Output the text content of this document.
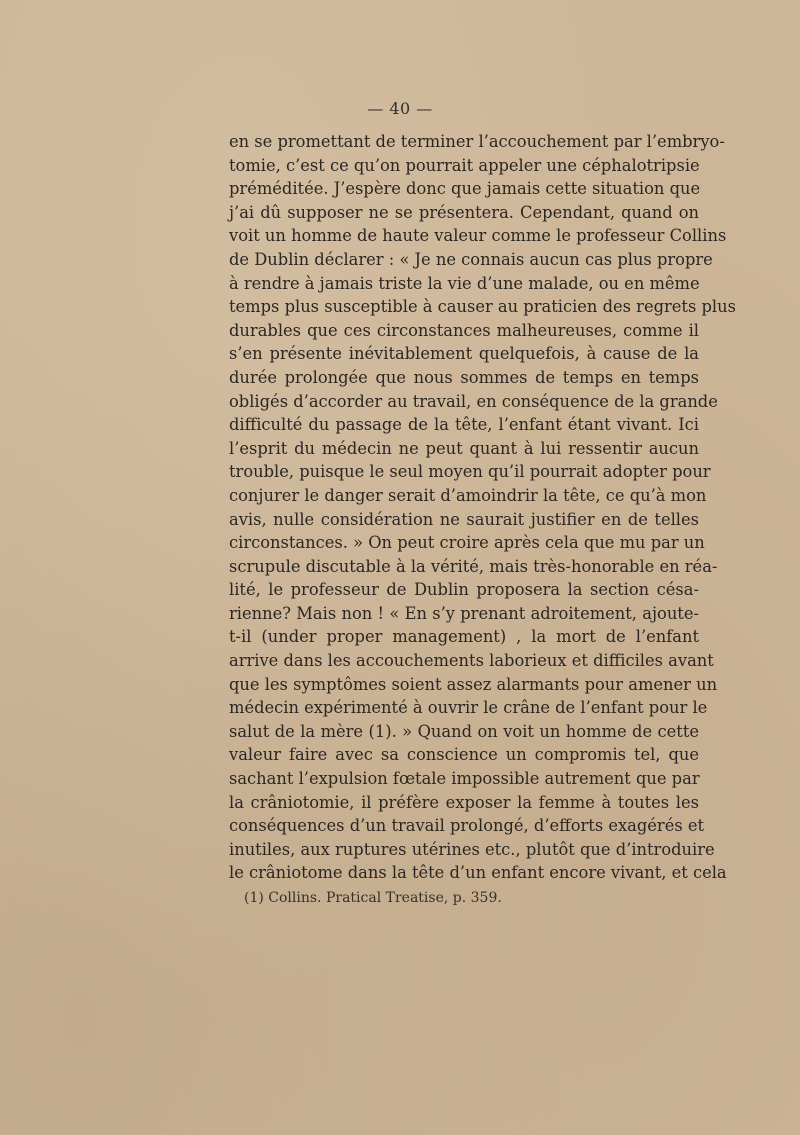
— 40 —
en se promettant de terminer l’accouchement par l’embryo-
tomie, c’est ce qu’on pourrait appeler une céphalotripsie
préméditée. J’espère donc que jamais cette situation que
j’ai dû supposer ne se présentera. Cependant, quand on
voit un homme de haute valeur comme le professeur Collins
de Dublin déclarer : « Je ne connais aucun cas plus propre
à rendre à jamais triste la vie d’une malade, ou en même
temps plus susceptible à causer au praticien des regrets plus
durables que ces circonstances malheureuses, comme il
s’en présente inévitablement quelquefois, à cause de la
durée prolongée que nous sommes de temps en temps
obligés d’accorder au travail, en conséquence de la grande
difficulté du passage de la tête, l’enfant étant vivant. Ici
l’esprit du médecin ne peut quant à lui ressentir aucun
trouble, puisque le seul moyen qu’il pourrait adopter pour
conjurer le danger serait d’amoindrir la tête, ce qu’à mon
avis, nulle considération ne saurait justifier en de telles
circonstances. » On peut croire après cela que mu par un
scrupule discutable à la vérité, mais très-honorable en réa-
lité, le professeur de Dublin proposera la section césa-
rienne? Mais non ! « En s’y prenant adroitement, ajoute-
t-il (under proper management) , la mort de l’enfant
arrive dans les accouchements laborieux et difficiles avant
que les symptômes soient assez alarmants pour amener un
médecin expérimenté à ouvrir le crâne de l’enfant pour le
salut de la mère (1). » Quand on voit un homme de cette
valeur faire avec sa conscience un compromis tel, que
sachant l’expulsion fœtale impossible autrement que par
la crâniotomie, il préfère exposer la femme à toutes les
conséquences d’un travail prolongé, d’efforts exagérés et
inutiles, aux ruptures utérines etc., plutôt que d’introduire
le crâniotome dans la tête d’un enfant encore vivant, et cela
(1) Collins. Pratical Treatise, p. 359.
